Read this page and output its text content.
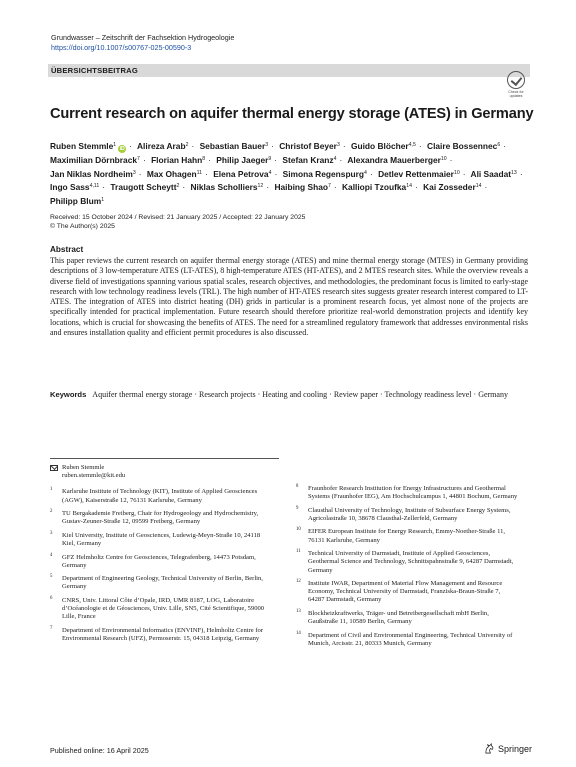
Grundwasser – Zeitschrift der Fachsektion Hydrogeologie
https://doi.org/10.1007/s00767-025-00590-3
ÜBERSICHTSBEITRAG
Check for updates
Current research on aquifer thermal energy storage (ATES) in Germany
Ruben Stemmle$^1$iD · Alireza Arab$^2$ · Sebastian Bauer$^3$ · Christof Beyer$^3$ · Guido Blöcher$^{4,5}$ · Claire Bossennec$^6$ · Maximilian Dörnbrack$^7$ · Florian Hahn$^8$ · Philip Jaeger$^9$ · Stefan Kranz$^4$ · Alexandra Mauerberger$^{10}$ · Jan Niklas Nordheim$^3$ · Max Ohagen$^{11}$ · Elena Petrova$^4$ · Simona Regenspurg$^4$ · Detlev Rettenmaier$^{10}$ · Ali Saadat$^{13}$ · Ingo Sass$^{4,11}$ · Traugott Scheytt$^2$ · Niklas Scholliers$^{12}$ · Haibing Shao$^7$ · Kalliopi Tzoufka$^{14}$ · Kai Zosseder$^{14}$ · Philipp Blum$^1$
Received: 15 October 2024 / Revised: 21 January 2025 / Accepted: 22 January 2025
© The Author(s) 2025
Abstract

This paper reviews the current research on aquifer thermal energy storage (ATES) and mine thermal energy storage (MTES) in Germany providing descriptions of 3 low-temperature ATES (LT-ATES), 8 high-temperature ATES (HT-ATES), and 2 MTES research sites. While the overview reveals a diverse field of investigations spanning various spatial scales, research objectives, and methodologies, the predominant focus is limited to early-stage research with low technology readiness levels (TRL). The high number of HT-ATES research sites suggests greater research interest compared to LT-ATES. The integration of ATES into district heating (DH) grids in particular is a prominent research focus, yet almost none of the projects are specifically intended for practical implementation. Future research should therefore prioritize real-world demonstration projects and identify key locations, which is crucial for showcasing the benefits of ATES. The need for a streamlined regulatory framework that addresses environmental risks and ensures installation quality and efficient permit procedures is also discussed.

Keywords Aquifer thermal energy storage · Research projects · Heating and cooling · Review paper · Technology readiness level · Germany

Ruben Stemmle
ruben.stemmle@kit.edu
1 Karlsruhe Institute of Technology (KIT), Institute of Applied Geosciences (AGW), Kaiserstraße 12, 76131 Karlsruhe, Germany
2 TU Bergakademie Freiberg, Chair for Hydrogeology and Hydrochemistry, Gustav-Zeuner-Straße 12, 09599 Freiberg, Germany
3 Kiel University, Institute of Geosciences, Ludewig-Meyn-Straße 10, 24118 Kiel, Germany
4 GFZ Helmholtz Centre for Geosciences, Telegrafenberg, 14473 Potsdam, Germany
5 Department of Engineering Geology, Technical University of Berlin, Berlin, Germany
6 CNRS, Univ. Littoral Côte d’Opale, IRD, UMR 8187, LOG, Laboratoire d’Océanologie et de Géosciences, Univ. Lille, SN5, Cité Scientifique, 59000 Lille, France
7 Department of Environmental Informatics (ENVINF), Helmholtz Centre for Environmental Research (UFZ), Permoserstr. 15, 04318 Leipzig, Germany
8 Fraunhofer Research Institution for Energy Infrastructures and Geothermal Systems (Fraunhofer IEG), Am Hochschulcampus 1, 44801 Bochum, Germany
9 Clausthal University of Technology, Institute of Subsurface Energy Systems, Agricolastraße 10, 38678 Clausthal-Zellerfeld, Germany
10 EIFER European Institute for Energy Research, Emmy-Noether-Straße 11, 76131 Karlsruhe, Germany
11 Technical University of Darmstadt, Institute of Applied Geosciences, Geothermal Science and Technology, Schnittspahnstraße 9, 64287 Darmstadt, Germany
12 Institute IWAR, Department of Material Flow Management and Resource Economy, Technical University of Darmstadt, Franziska-Braun-Straße 7, 64287 Darmstadt, Germany
13 Blockheizkraftwerks, Träger- und Betreibergesellschaft mbH Berlin, Gaußstraße 11, 10589 Berlin, Germany
14 Department of Civil and Environmental Engineering, Technical University of Munich, Arcisstr. 21, 80333 Munich, Germany
Published online: 16 April 2025	Springer
